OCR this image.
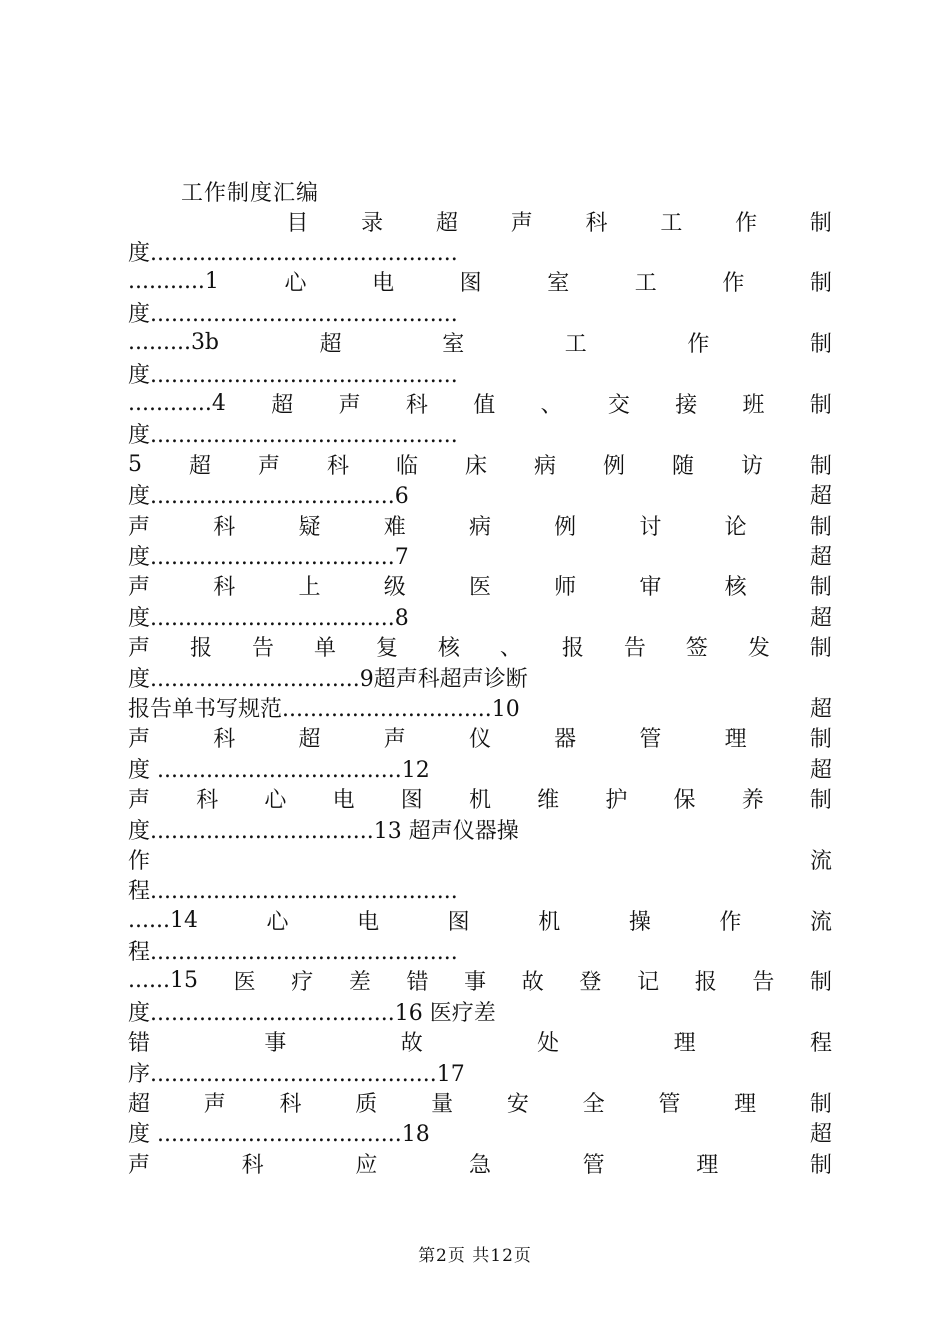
工作制度汇编
目 录 超 声 科 工 作 制
度............................................
...........1	心	电	图	室	工	作	制
度............................................
.........3b	超	室	工	作	制
度............................................
............4 超 声 科 值 、 交 接 班 制
度............................................
5 超 声 科 临 床 病 例 随 访 制
度...................................6	超
声	科	疑	难	病	例	讨	论	制
度...................................7	超
声	科	上	级	医	师	审	核	制
度...................................8	超
声 报 告 单 复 核 、 报 告 签 发 制
度..............................9超声科超声诊断
报告单书写规范..............................10	超
声	科	超	声	仪	器	管	理	制
度 ...................................12	超
声 科 心 电 图 机 维 护 保 养 制
度................................13 超声仪器操
作	流
程............................................
......14	心	电	图	机	操	作	流
程............................................
......15 医 疗 差 错 事 故 登 记 报 告 制
度...................................16 医疗差
错	事	故	处	理	程
序.........................................17
超 声 科 质 量 安 全 管 理 制
度 ...................................18	超
声	科	应	急	管	理	制
第2页 共12页
